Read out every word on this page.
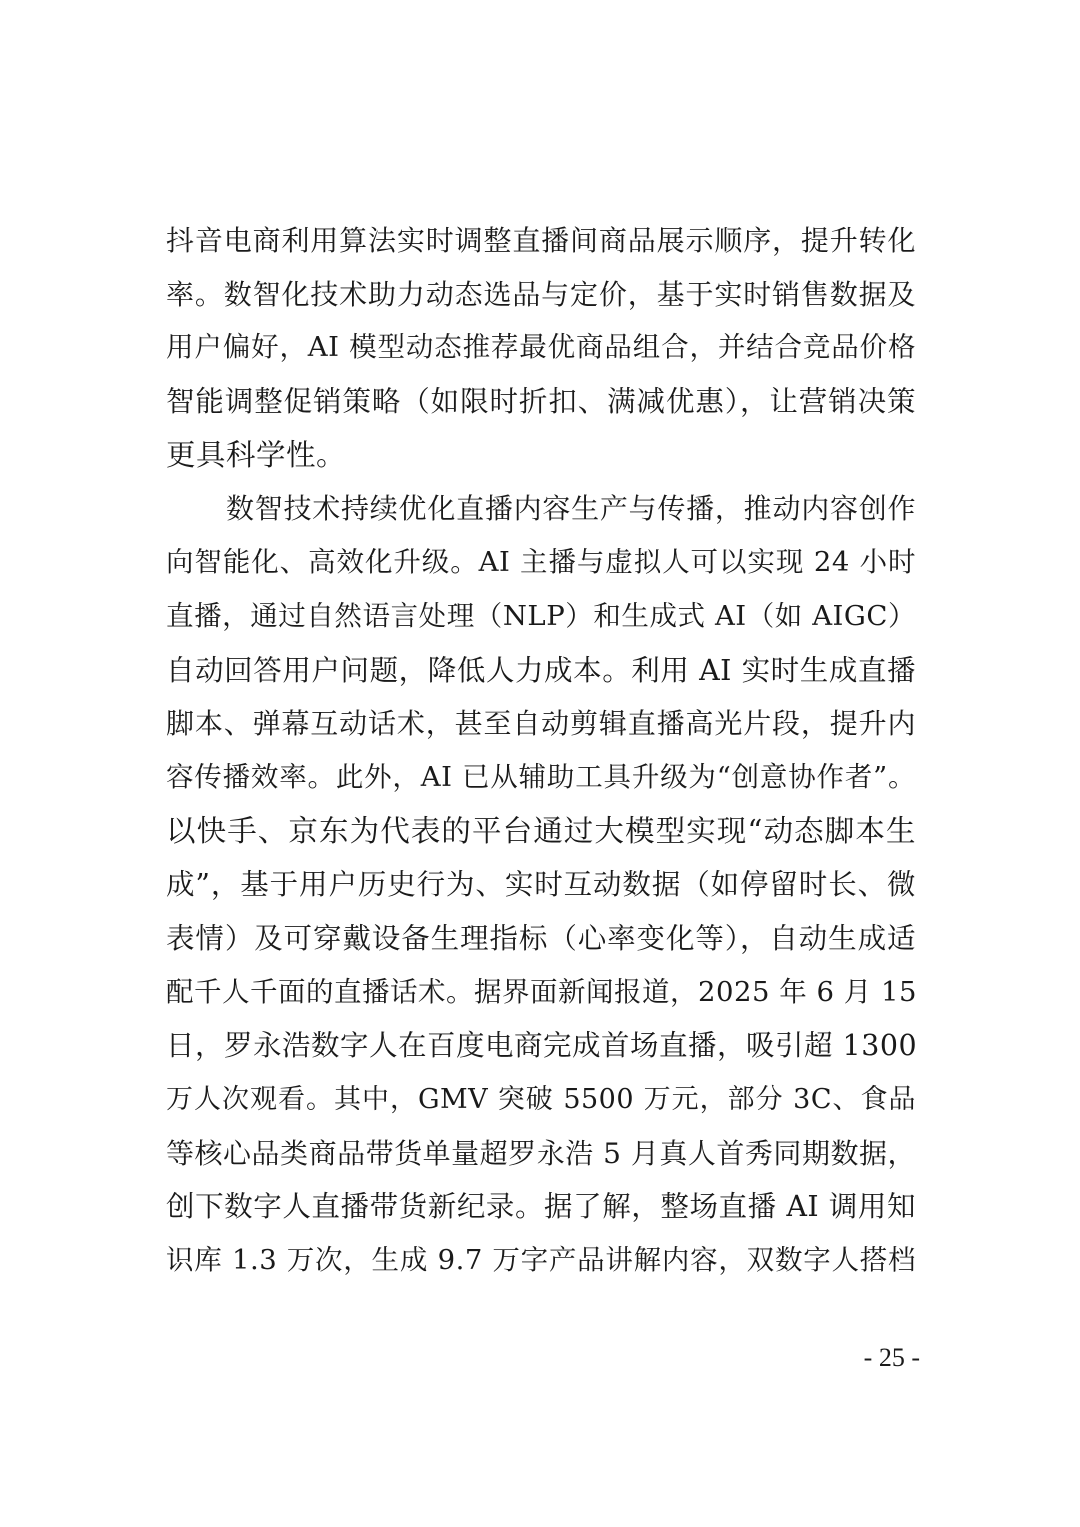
抖音电商利用算法实时调整直播间商品展示顺序，提升转化
率。数智化技术助力动态选品与定价，基于实时销售数据及
用户偏好，AI 模型动态推荐最优商品组合，并结合竞品价格
智能调整促销策略（如限时折扣、满减优惠），让营销决策
更具科学性。
数智技术持续优化直播内容生产与传播，推动内容创作
向智能化、高效化升级。AI 主播与虚拟人可以实现 24 小时
直播，通过自然语言处理（NLP）和生成式 AI（如 AIGC）
自动回答用户问题，降低人力成本。利用 AI 实时生成直播
脚本、弹幕互动话术，甚至自动剪辑直播高光片段，提升内
容传播效率。此外，AI 已从辅助工具升级为“创意协作者”。
以快手、京东为代表的平台通过大模型实现“动态脚本生
成”，基于用户历史行为、实时互动数据（如停留时长、微
表情）及可穿戴设备生理指标（心率变化等），自动生成适
配千人千面的直播话术。据界面新闻报道，2025 年 6 月 15
日，罗永浩数字人在百度电商完成首场直播，吸引超 1300
万人次观看。其中，GMV 突破 5500 万元，部分 3C、食品
等核心品类商品带货单量超罗永浩 5 月真人首秀同期数据，
创下数字人直播带货新纪录。据了解，整场直播 AI 调用知
识库 1.3 万次，生成 9.7 万字产品讲解内容，双数字人搭档
- 25 -
